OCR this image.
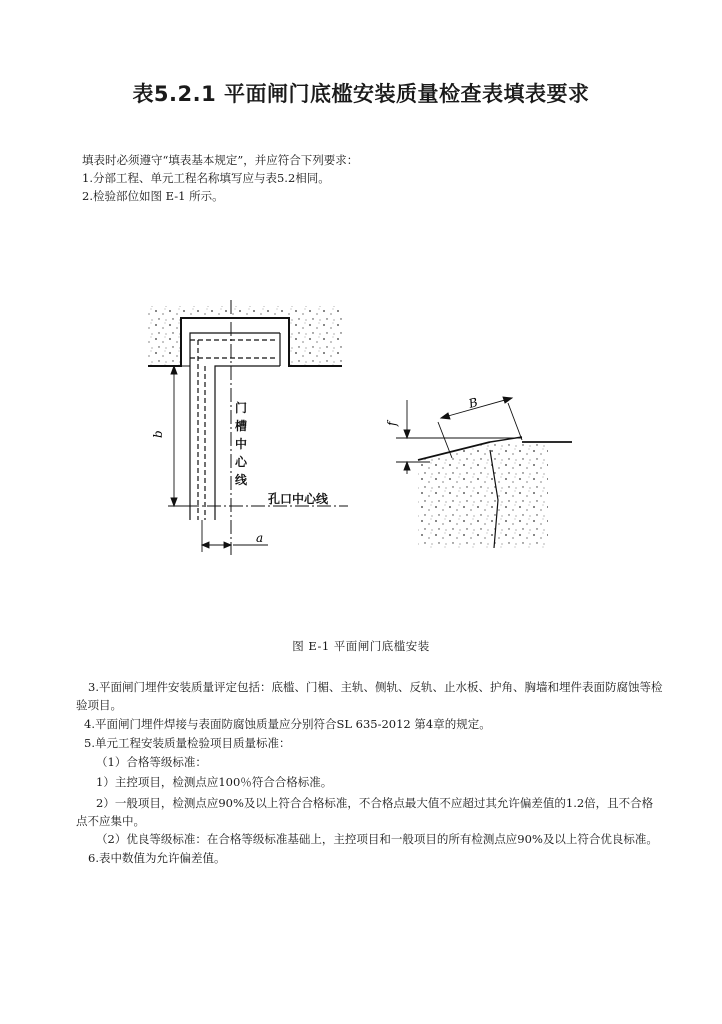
表5.2.1 平面闸门底槛安装质量检查表填表要求
填表时必须遵守“填表基本规定”，并应符合下列要求：
1.分部工程、单元工程名称填写应与表5.2相同。
2.检验部位如图 E-1 所示。
b
a
门
槽
中
心
线
孔口中心线
f
B
图 E-1 平面闸门底槛安装
3.平面闸门埋件安装质量评定包括：底槛、门楣、主轨、侧轨、反轨、止水板、护角、胸墙和埋件表面防腐蚀等检
验项目。
4.平面闸门埋件焊接与表面防腐蚀质量应分别符合SL 635-2012 第4章的规定。
5.单元工程安装质量检验项目质量标准：
（1）合格等级标准：
1）主控项目，检测点应100％符合合格标准。
2）一般项目，检测点应90%及以上符合合格标准，不合格点最大值不应超过其允许偏差值的1.2倍，且不合格
点不应集中。
（2）优良等级标准：在合格等级标准基础上，主控项目和一般项目的所有检测点应90%及以上符合优良标准。
6.表中数值为允许偏差值。
